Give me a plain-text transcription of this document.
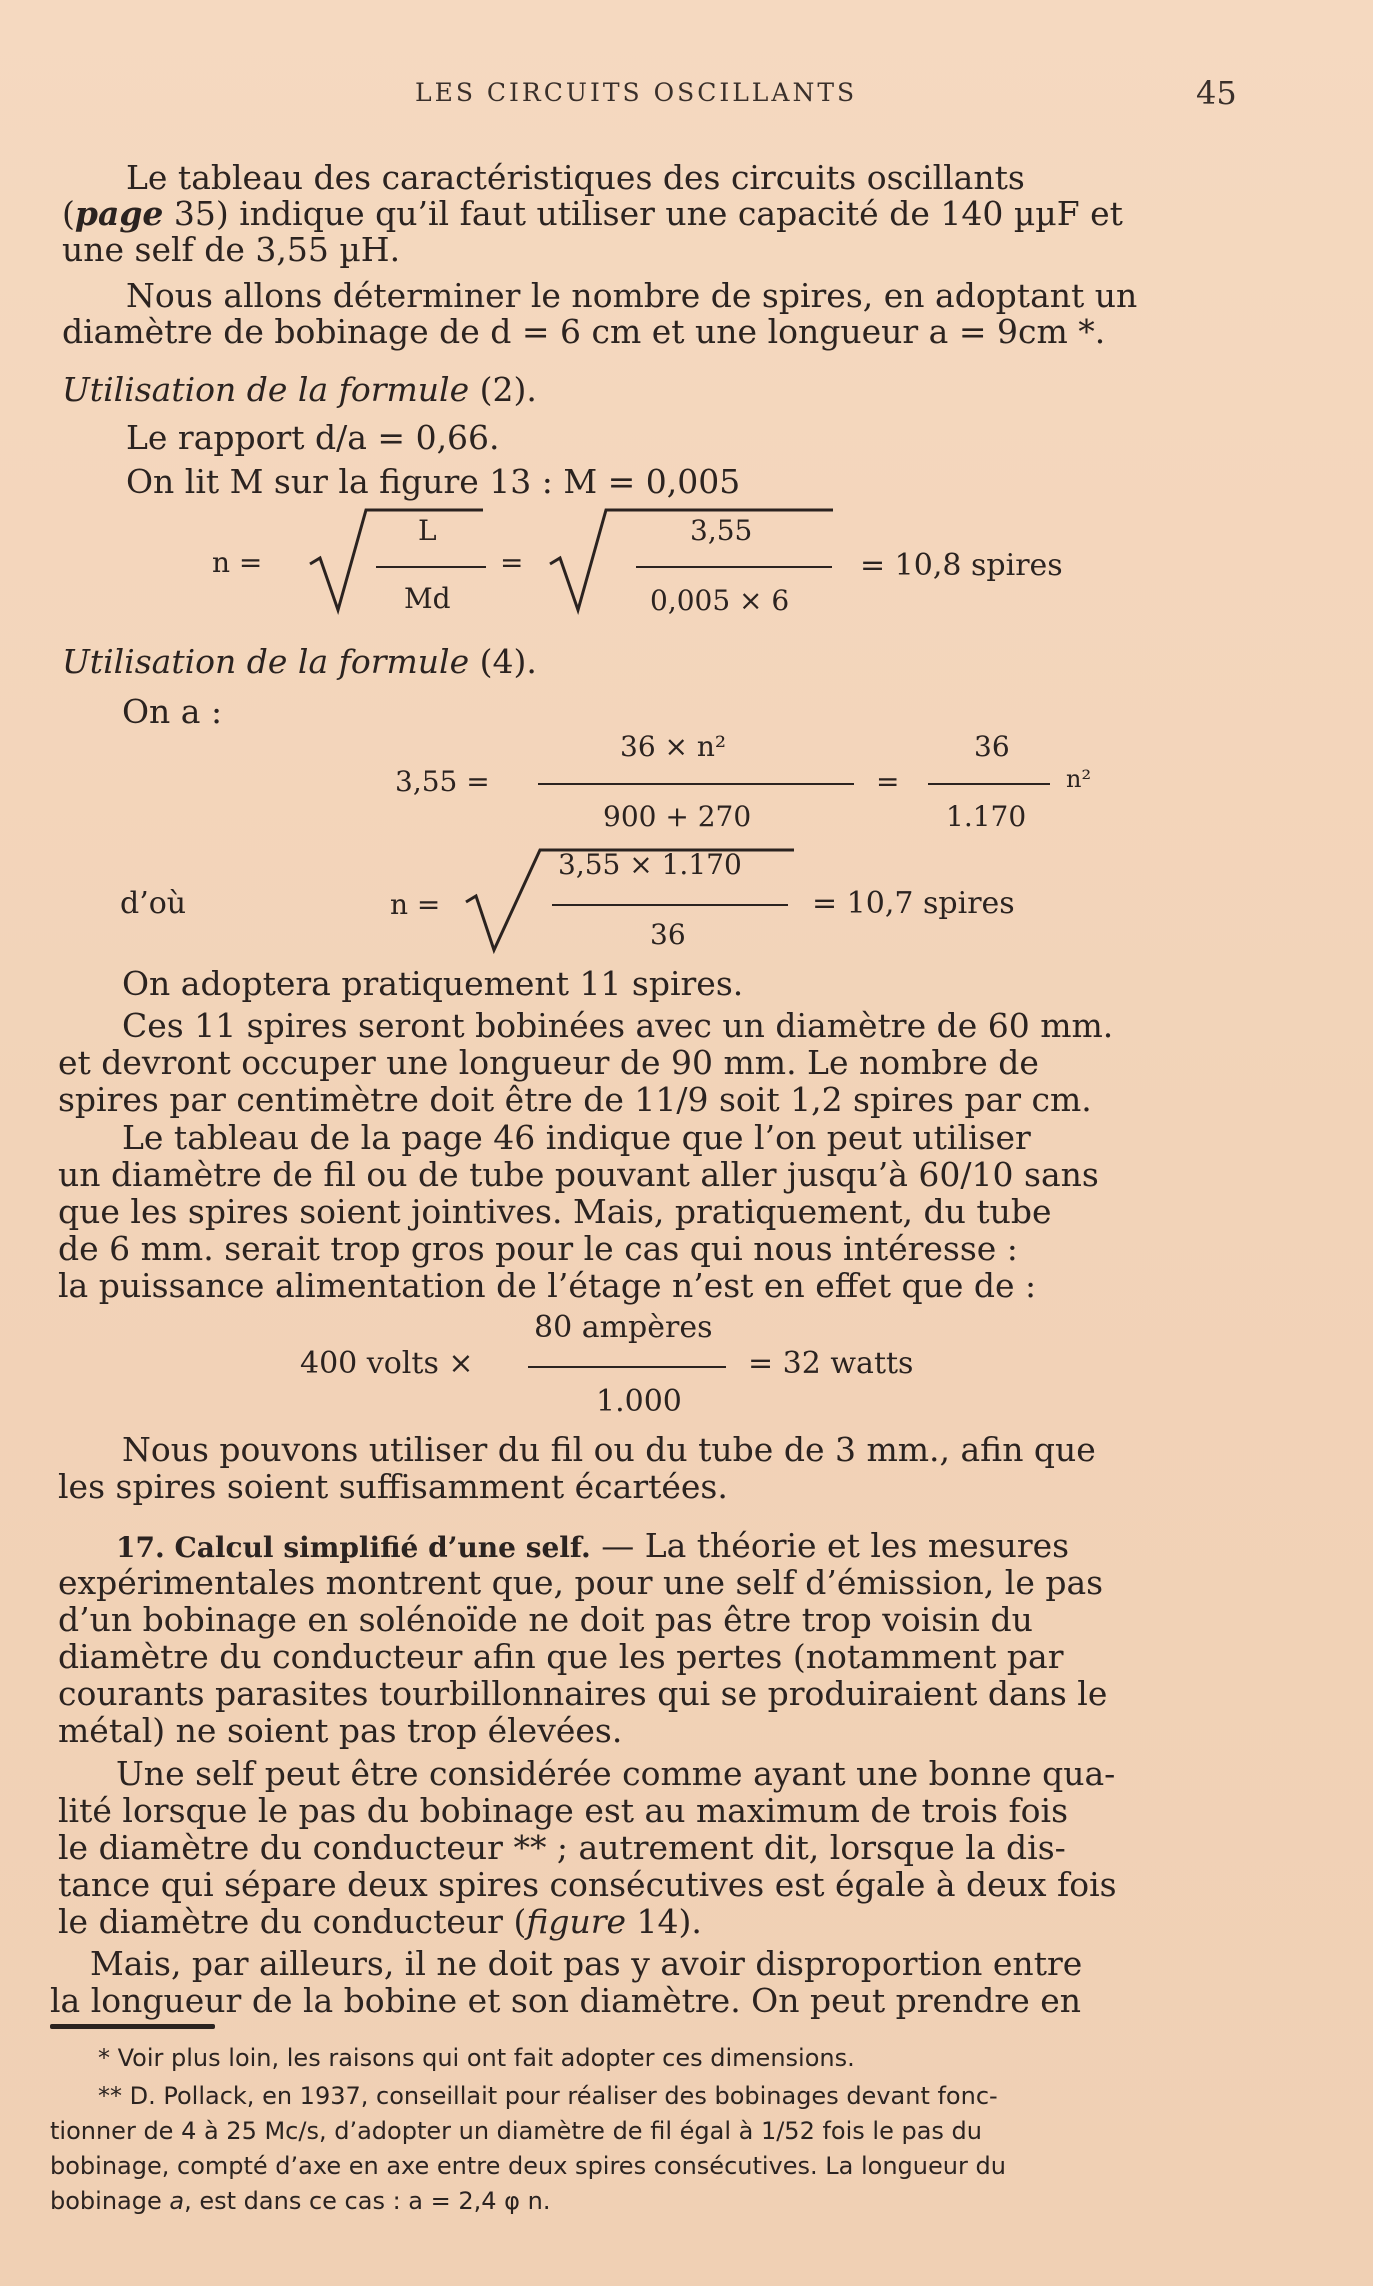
LES CIRCUITS OSCILLANTS	45
Le tableau des caractéristiques des circuits oscillants
(page 35) indique qu’il faut utiliser une capacité de 140 µµF et
une self de 3,55 µH.
Nous allons déterminer le nombre de spires, en adoptant un
diamètre de bobinage de d = 6 cm et une longueur a = 9cm *.
Utilisation de la formule (2).
Le rapport d/a = 0,66.
On lit M sur la figure 13 : M = 0,005
n =
L
Md
=
3,55
0,005 × 6
= 10,8 spires
Utilisation de la formule (4).
On a :
3,55 =
36 × n²
900 + 270
=
36
1.170
n²
d’où	n =
3,55 × 1.170
36
= 10,7 spires
On adoptera pratiquement 11 spires.
Ces 11 spires seront bobinées avec un diamètre de 60 mm.
et devront occuper une longueur de 90 mm. Le nombre de
spires par centimètre doit être de 11/9 soit 1,2 spires par cm.
Le tableau de la page 46 indique que l’on peut utiliser
un diamètre de fil ou de tube pouvant aller jusqu’à 60/10 sans
que les spires soient jointives. Mais, pratiquement, du tube
de 6 mm. serait trop gros pour le cas qui nous intéresse :
la puissance alimentation de l’étage n’est en effet que de :
80 ampères
400 volts ×
1.000
= 32 watts
Nous pouvons utiliser du fil ou du tube de 3 mm., afin que
les spires soient suffisamment écartées.
17. Calcul simplifié d’une self. — La théorie et les mesures
expérimentales montrent que, pour une self d’émission, le pas
d’un bobinage en solénoïde ne doit pas être trop voisin du
diamètre du conducteur afin que les pertes (notamment par
courants parasites tourbillonnaires qui se produiraient dans le
métal) ne soient pas trop élevées.
Une self peut être considérée comme ayant une bonne qua-
lité lorsque le pas du bobinage est au maximum de trois fois
le diamètre du conducteur ** ; autrement dit, lorsque la dis-
tance qui sépare deux spires consécutives est égale à deux fois
le diamètre du conducteur (figure 14).
Mais, par ailleurs, il ne doit pas y avoir disproportion entre
la longueur de la bobine et son diamètre. On peut prendre en
* Voir plus loin, les raisons qui ont fait adopter ces dimensions.
** D. Pollack, en 1937, conseillait pour réaliser des bobinages devant fonc-
tionner de 4 à 25 Mc/s, d’adopter un diamètre de fil égal à 1/52 fois le pas du
bobinage, compté d’axe en axe entre deux spires consécutives. La longueur du
bobinage a, est dans ce cas : a = 2,4 φ n.
